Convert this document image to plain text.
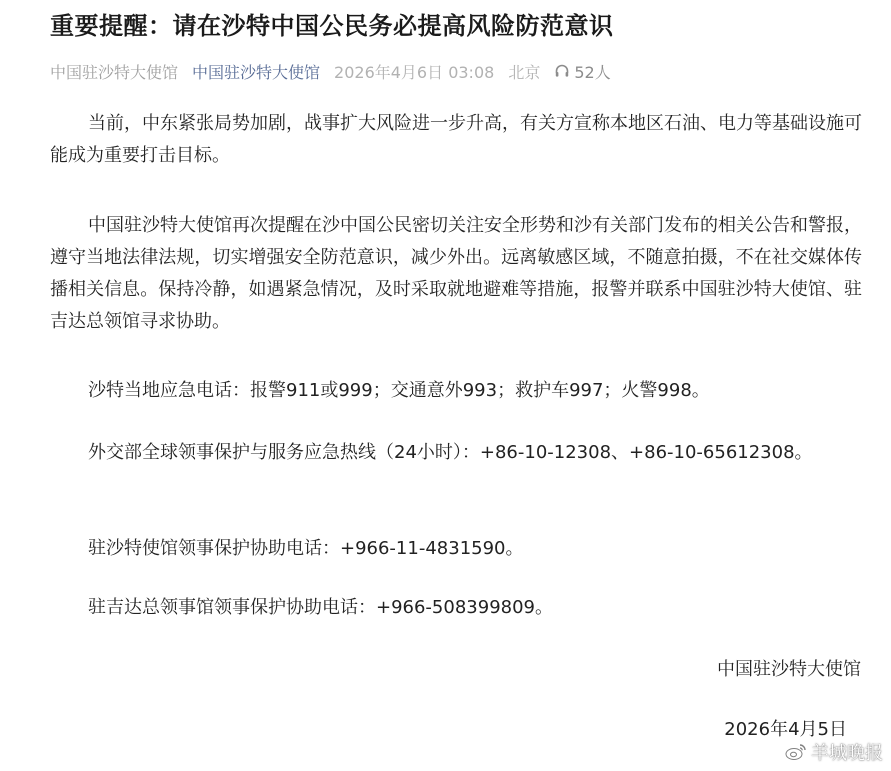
重要提醒：请在沙特中国公民务必提高风险防范意识
中国驻沙特大使馆 中国驻沙特大使馆 2026年4月6日 03:08 北京 52人

当前，中东紧张局势加剧，战事扩大风险进一步升高，有关方宣称本地区石油、电力等基础设施可能成为重要打击目标。

中国驻沙特大使馆再次提醒在沙中国公民密切关注安全形势和沙有关部门发布的相关公告和警报，遵守当地法律法规，切实增强安全防范意识，减少外出。远离敏感区域，不随意拍摄，不在社交媒体传播相关信息。保持冷静，如遇紧急情况，及时采取就地避难等措施，报警并联系中国驻沙特大使馆、驻吉达总领馆寻求协助。

沙特当地应急电话：报警911或999；交通意外993；救护车997；火警998。

外交部全球领事保护与服务应急热线（24小时）：+86-10-12308、+86-10-65612308。

驻沙特使馆领事保护协助电话：+966-11-4831590。

驻吉达总领事馆领事保护协助电话：+966-508399809。

中国驻沙特大使馆
2026年4月5日
羊城晚报
